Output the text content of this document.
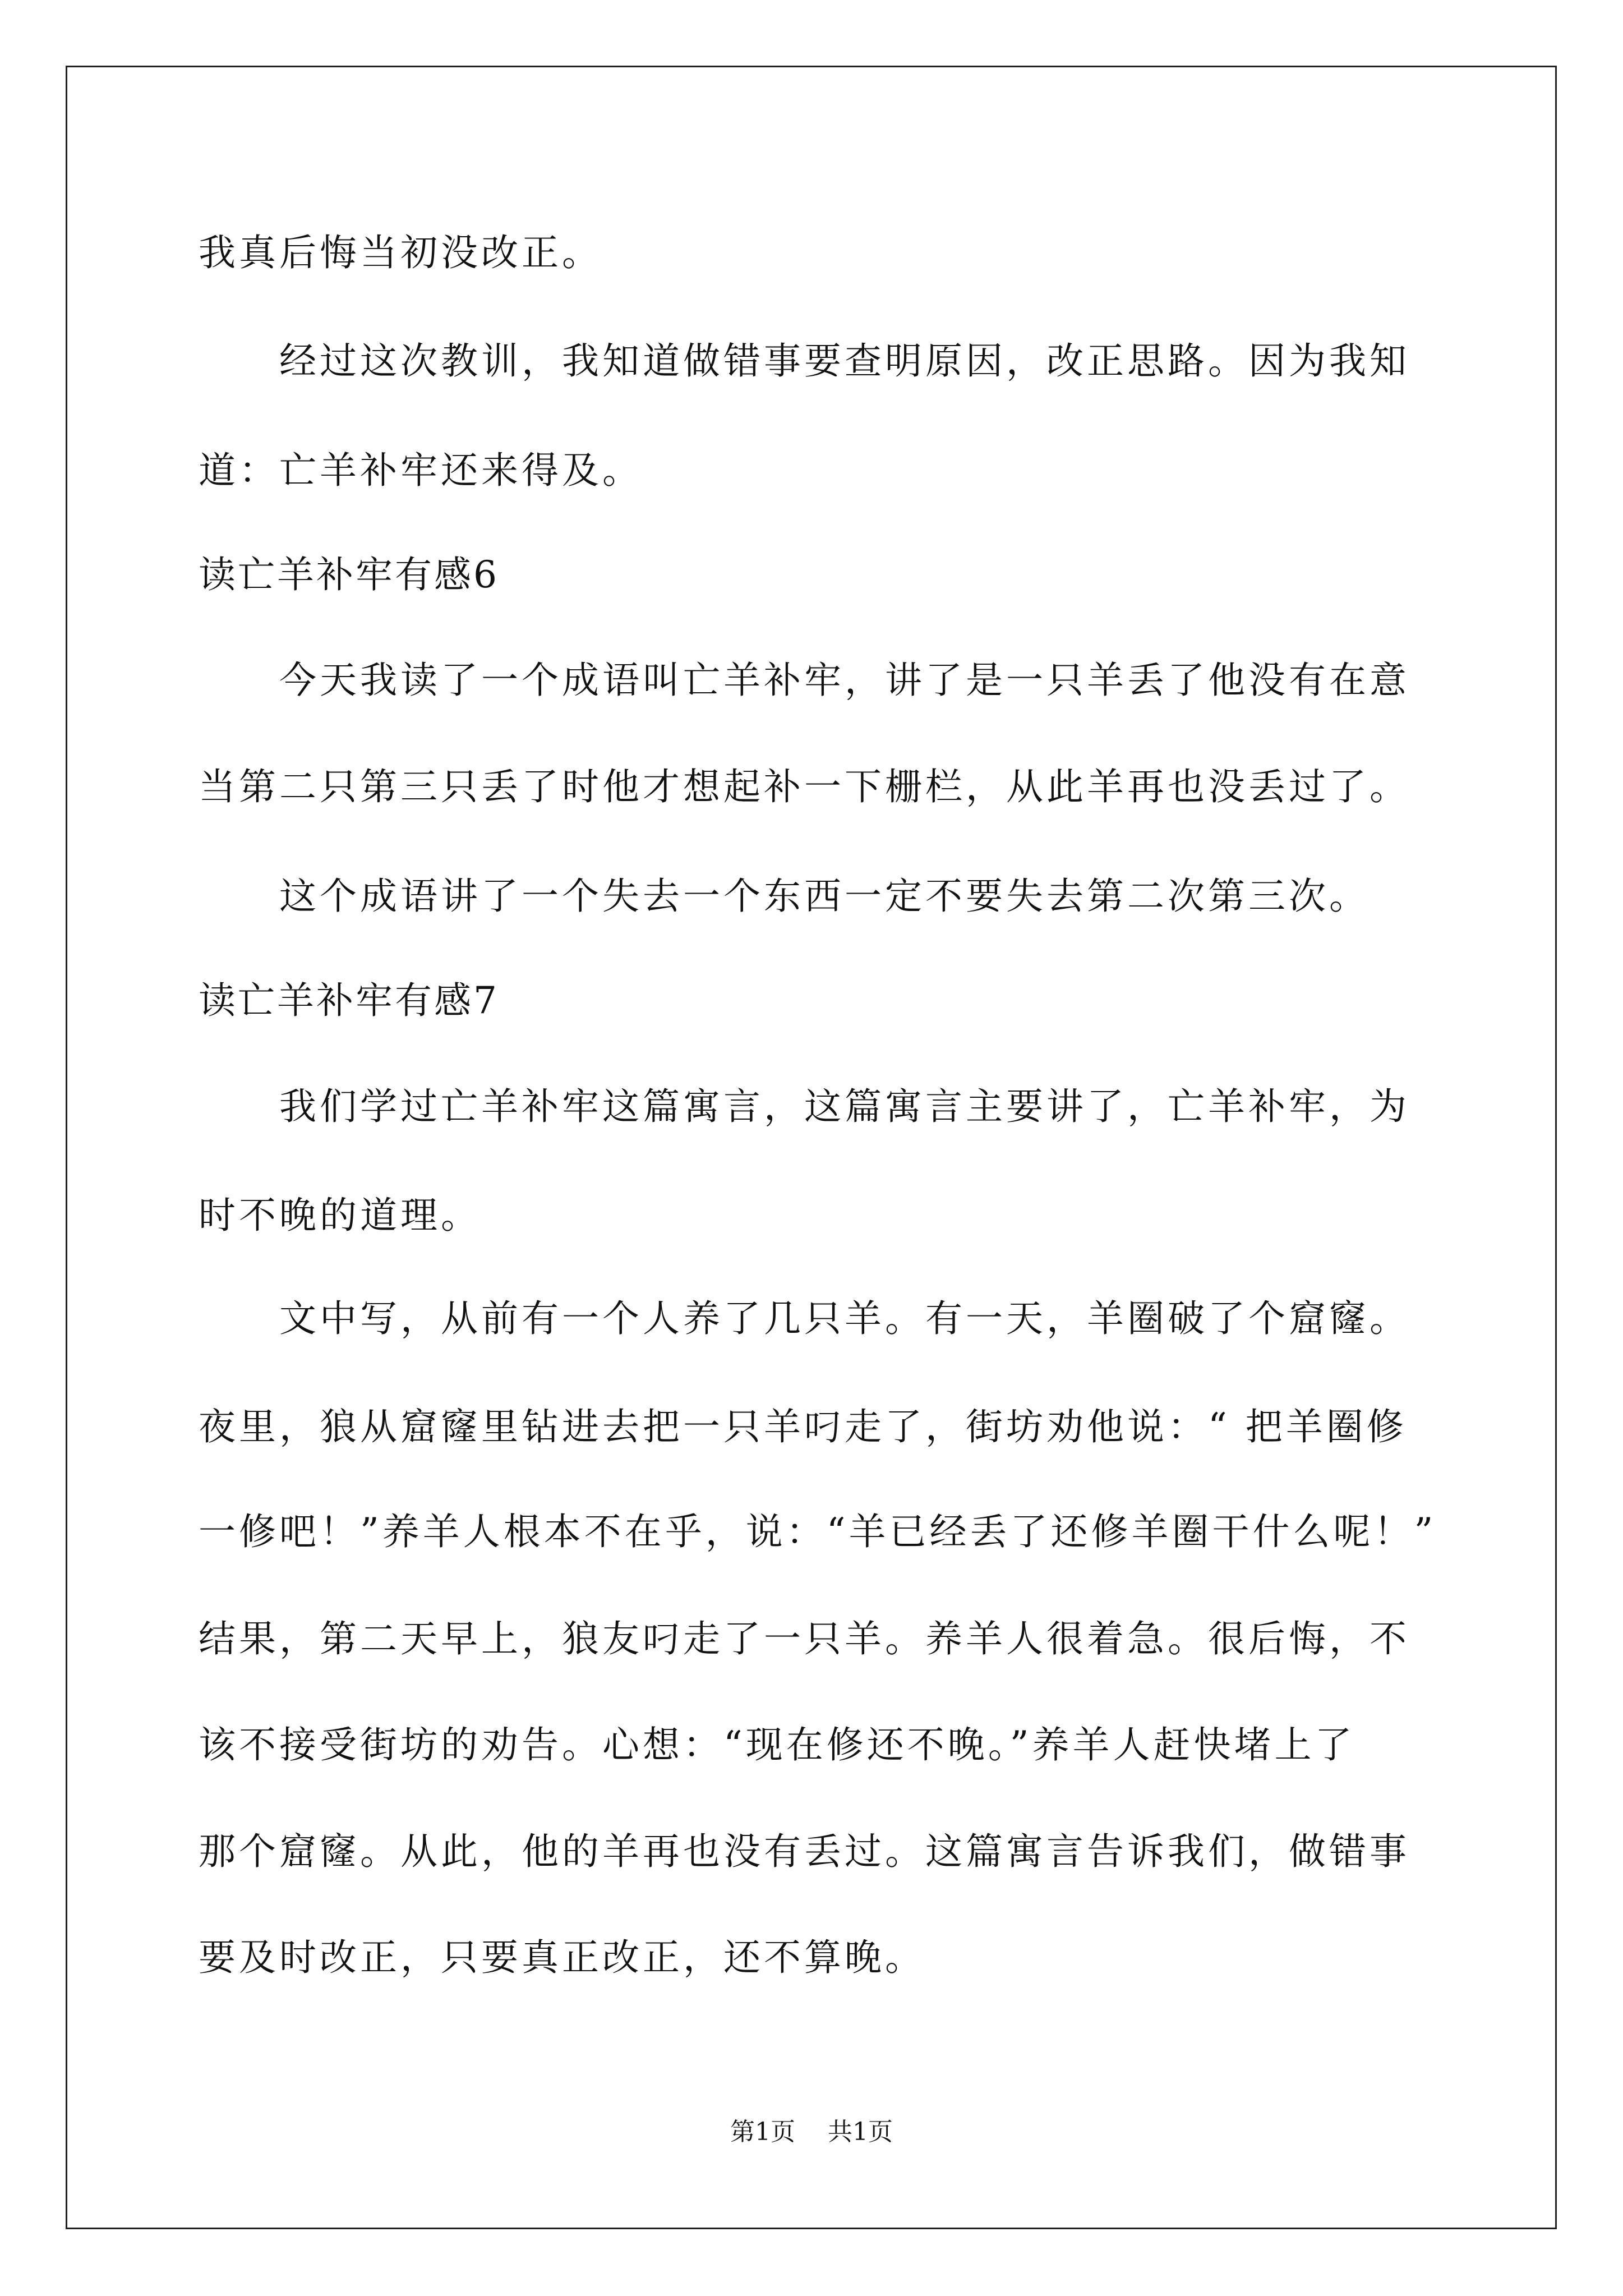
我真后悔当初没改正。
经过这次教训，我知道做错事要查明原因，改正思路。因为我知
道：亡羊补牢还来得及。
读亡羊补牢有感6
今天我读了一个成语叫亡羊补牢，讲了是一只羊丢了他没有在意
当第二只第三只丢了时他才想起补一下栅栏，从此羊再也没丢过了。
这个成语讲了一个失去一个东西一定不要失去第二次第三次。
读亡羊补牢有感7
我们学过亡羊补牢这篇寓言，这篇寓言主要讲了，亡羊补牢，为
时不晚的道理。
文中写，从前有一个人养了几只羊。有一天，羊圈破了个窟窿。
夜里，狼从窟窿里钻进去把一只羊叼走了，街坊劝他说：“ 把羊圈修
一修吧！”养羊人根本不在乎，说：“羊已经丢了还修羊圈干什么呢！”
结果，第二天早上，狼友叼走了一只羊。养羊人很着急。很后悔，不
该不接受街坊的劝告。心想：“现在修还不晚。”养羊人赶快堵上了
那个窟窿。从此，他的羊再也没有丢过。这篇寓言告诉我们，做错事
要及时改正，只要真正改正，还不算晚。
第1页 共1页
